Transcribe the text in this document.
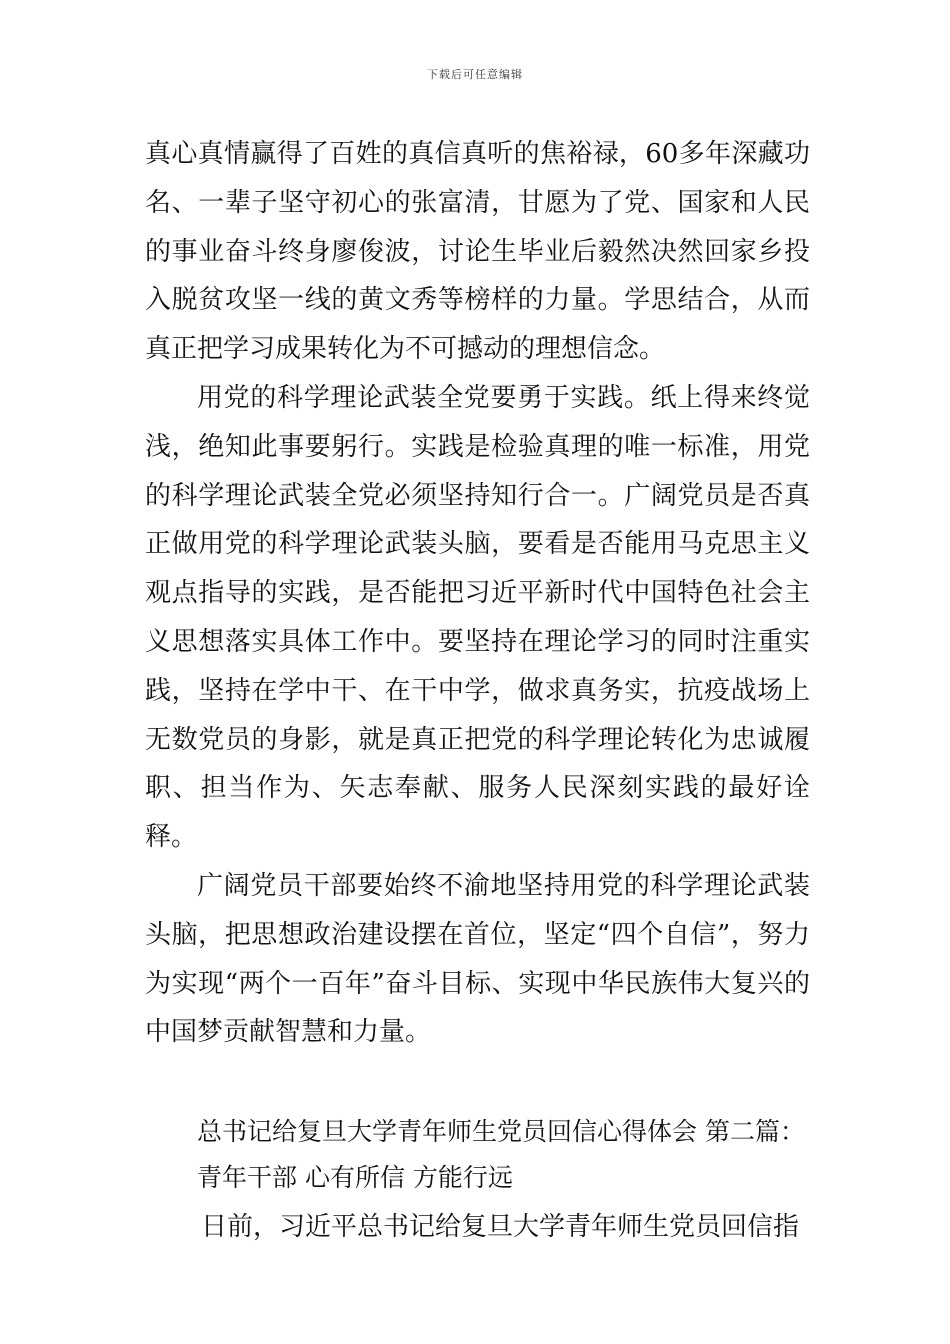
下载后可任意编辑

真心真情赢得了百姓的真信真听的焦裕禄，60多年深藏功名、一辈子坚守初心的张富清，甘愿为了党、国家和人民的事业奋斗终身廖俊波，讨论生毕业后毅然决然回家乡投入脱贫攻坚一线的黄文秀等榜样的力量。学思结合，从而真正把学习成果转化为不可撼动的理想信念。

用党的科学理论武装全党要勇于实践。纸上得来终觉浅，绝知此事要躬行。实践是检验真理的唯一标准，用党的科学理论武装全党必须坚持知行合一。广阔党员是否真正做用党的科学理论武装头脑，要看是否能用马克思主义观点指导的实践，是否能把习近平新时代中国特色社会主义思想落实具体工作中。要坚持在理论学习的同时注重实践，坚持在学中干、在干中学，做求真务实，抗疫战场上无数党员的身影，就是真正把党的科学理论转化为忠诚履职、担当作为、矢志奉献、服务人民深刻实践的最好诠释。

广阔党员干部要始终不渝地坚持用党的科学理论武装头脑，把思想政治建设摆在首位，坚定“四个自信”，努力为实现“两个一百年”奋斗目标、实现中华民族伟大复兴的中国梦贡献智慧和力量。

总书记给复旦大学青年师生党员回信心得体会 第二篇：

青年干部 心有所信 方能行远

日前，习近平总书记给复旦大学青年师生党员回信指
